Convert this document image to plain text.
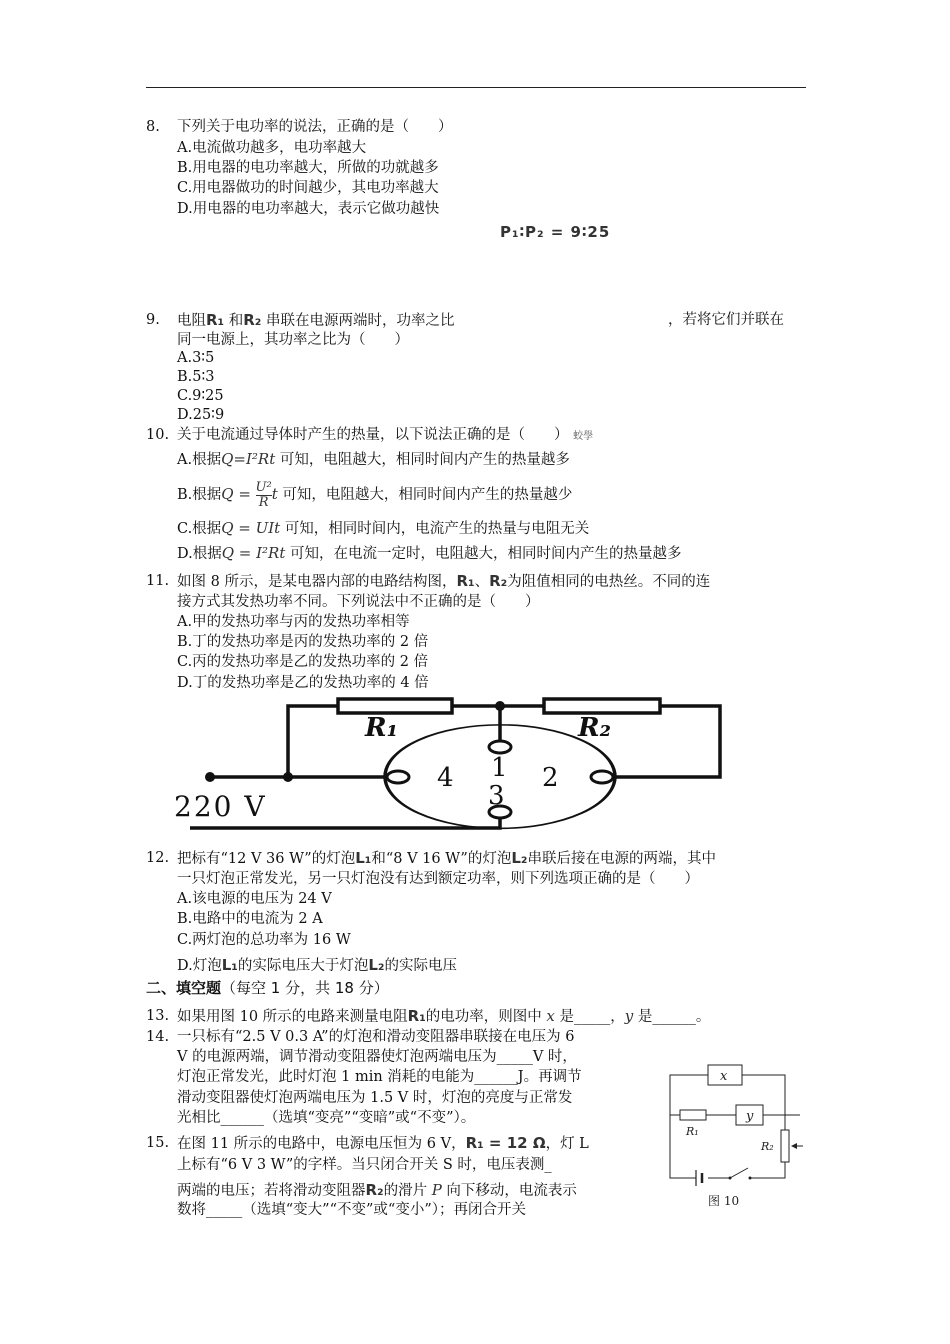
8. 下列关于电功率的说法，正确的是（　　）
A.电流做功越多，电功率越大
B.用电器的电功率越大，所做的功就越多
C.用电器做功的时间越少，其电功率越大
D.用电器的电功率越大，表示它做功越快
P₁∶P₂ = 9∶25
9. 电阻R₁ 和R₂ 串联在电源两端时，功率之比	，若将它们并联在
同一电源上，其功率之比为（　　）
A.3∶5
B.5∶3
C.9∶25
D.25∶9
10. 关于电流通过导体时产生的热量，以下说法正确的是（　　） 蛟學
A.根据Q=I²Rt 可知，电阻越大，相同时间内产生的热量越多
B.根据$Q = \frac{\text{U²}}{R}$ t 可知，电阻越大，相同时间内产生的热量越少
C.根据Q = UIt 可知，相同时间内，电流产生的热量与电阻无关
D.根据Q = I²Rt 可知，在电流一定时，电阻越大，相同时间内产生的热量越多
11. 如图 8 所示，是某电器内部的电路结构图，R₁、R₂为阻值相同的电热丝。不同的连
接方式其发热功率不同。下列说法中不正确的是（　　）
A.甲的发热功率与丙的发热功率相等
B.丁的发热功率是丙的发热功率的 2 倍
C.丙的发热功率是乙的发热功率的 2 倍
D.丁的发热功率是乙的发热功率的 4 倍
R₁	R₂
1
4	2
3
220 V
12. 把标有“12 V 36 W”的灯泡L₁和“8 V 16 W”的灯泡L₂串联后接在电源的两端，其中
一只灯泡正常发光，另一只灯泡没有达到额定功率，则下列选项正确的是（　　）
A.该电源的电压为 24 V
B.电路中的电流为 2 A
C.两灯泡的总功率为 16 W
D.灯泡L₁的实际电压大于灯泡L₂的实际电压
二、填空题（每空 1 分，共 18 分）
13. 如果用图 10 所示的电路来测量电阻R₁的电功率，则图中 x 是_____，y 是______。
14. 一只标有“2.5 V 0.3 A”的灯泡和滑动变阻器串联接在电压为 6
V 的电源两端，调节滑动变阻器使灯泡两端电压为_____V 时，
灯泡正常发光，此时灯泡 1 min 消耗的电能为______J。再调节
滑动变阻器使灯泡两端电压为 1.5 V 时，灯泡的亮度与正常发
光相比______（选填“变亮”“变暗”或“不变”）。
15. 在图 11 所示的电路中，电源电压恒为 6 V，R₁ = 12 Ω，灯 L
上标有“6 V 3 W”的字样。当只闭合开关 S 时，电压表测_
两端的电压；若将滑动变阻器R₂的滑片 P 向下移动，电流表示
数将_____（选填“变大”“不变”或“变小”）；再闭合开关
x
y
R₁
R₂
图 10
